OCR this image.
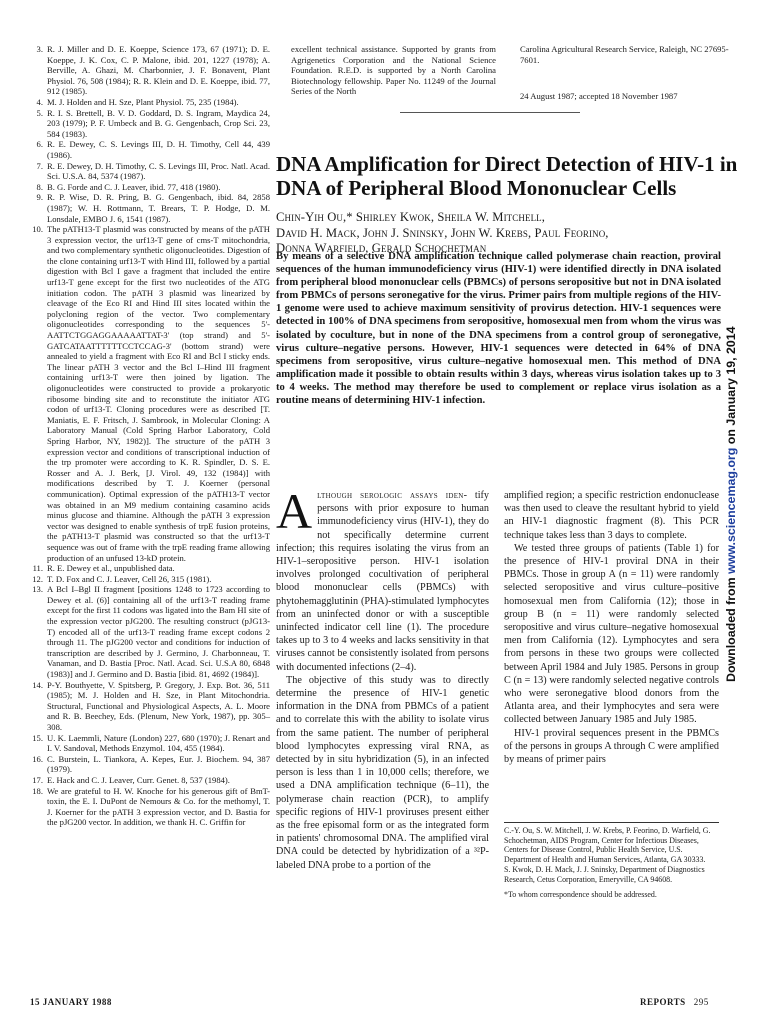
3. R. J. Miller and D. E. Koeppe, Science 173, 67 (1971); D. E. Koeppe, J. K. Cox, C. P. Malone, ibid. 201, 1227 (1978); A. Berville, A. Ghazi, M. Charbonnier, J. F. Bonavent, Plant Physiol. 76, 508 (1984); R. R. Klein and D. E. Koeppe, ibid. 77, 912 (1985).
4. M. J. Holden and H. Sze, Plant Physiol. 75, 235 (1984).
5. R. I. S. Brettell, B. V. D. Goddard, D. S. Ingram, Maydica 24, 203 (1979); P. F. Umbeck and B. G. Gengenbach, Crop Sci. 23, 584 (1983).
6. R. E. Dewey, C. S. Levings III, D. H. Timothy, Cell 44, 439 (1986).
7. R. E. Dewey, D. H. Timothy, C. S. Levings III, Proc. Natl. Acad. Sci. U.S.A. 84, 5374 (1987).
8. B. G. Forde and C. J. Leaver, ibid. 77, 418 (1980).
9. R. P. Wise, D. R. Pring, B. G. Gengenbach, ibid. 84, 2858 (1987); W. H. Rottmann, T. Brears, T. P. Hodge, D. M. Lonsdale, EMBO J. 6, 1541 (1987).
10. The pATH13-T plasmid was constructed by means of the pATH 3 expression vector, the urf13-T gene of cms-T mitochondria, and two complementary synthetic oligonucleotides. Digestion of the clone containing urf13-T with Hind III, followed by a partial digestion with Bcl I gave a fragment that included the entire urf13-T gene except for the first two nucleotides of the ATG initiation codon. The pATH 3 plasmid was linearized by cleavage of the Eco RI and Hind III sites located within the polycloning region of the vector. Two complementary oligonucleotides corresponding to the sequences 5'-AATTCTGGAGGAAAAATTAT-3' (top strand) and 5'-GATCATAATTTTTTCCTCCAG-3' (bottom strand) were annealed to yield a fragment with Eco RI and Bcl I sticky ends. The linear pATH 3 vector and the Bcl I–Hind III fragment containing urf13-T were then joined by ligation. The oligonucleotides were constructed to provide a prokaryotic ribosome binding site and to reconstitute the initiator ATG codon of urf13-T. Cloning procedures were as described [T. Maniatis, E. F. Fritsch, J. Sambrook, in Molecular Cloning: A Laboratory Manual (Cold Spring Harbor Laboratory, Cold Spring Harbor, NY, 1982)]. The structure of the pATH 3 expression vector and conditions of transcriptional induction of the trp promoter were according to K. R. Spindler, D. S. E. Rosser and A. J. Berk, [J. Virol. 49, 132 (1984)] with modifications described by T. J. Koerner (personal communication). Optimal expression of the pATH13-T vector was obtained in an M9 medium containing casamino acids minus glucose and thiamine. Although the pATH 3 expression vector was designed to enable synthesis of trpE fusion proteins, the pATH13-T plasmid was constructed so that the urf13-T sequence was out of frame with the trpE reading frame allowing production of an unfused 13-kD protein.
11. R. E. Dewey et al., unpublished data.
12. T. D. Fox and C. J. Leaver, Cell 26, 315 (1981).
13. A Bcl I–Bgl II fragment [positions 1248 to 1723 according to Dewey et al. (6)] containing all of the urf13-T reading frame except for the first 11 codons was ligated into the Bam HI site of the expression vector pJG200. The resulting construct (pJG13-T) encoded all of the urf13-T reading frame except codons 2 through 11. The pJG200 vector and conditions for induction of transcription are described by J. Germino, J. Charbonneau, T. Vanaman, and D. Bastia [Proc. Natl. Acad. Sci. U.S.A 80, 6848 (1983)] and J. Germino and D. Bastia [ibid. 81, 4692 (1984)].
14. P-Y. Bouthyette, V. Spitsberg, P. Gregory, J. Exp. Bot. 36, 511 (1985); M. J. Holden and H. Sze, in Plant Mitochondria. Structural, Functional and Physiological Aspects, A. L. Moore and R. B. Beechey, Eds. (Plenum, New York, 1987), pp. 305–308.
15. U. K. Laemmli, Nature (London) 227, 680 (1970); J. Renart and I. V. Sandoval, Methods Enzymol. 104, 455 (1984).
16. C. Burstein, L. Tiankora, A. Kepes, Eur. J. Biochem. 94, 387 (1979).
17. E. Hack and C. J. Leaver, Curr. Genet. 8, 537 (1984).
18. We are grateful to H. W. Knoche for his generous gift of BmT-toxin, the E. I. DuPont de Nemours & Co. for the methomyl, T. J. Koerner for the pATH 3 expression vector, and D. Bastia for the pJG200 vector. In addition, we thank H. C. Griffin for
excellent technical assistance. Supported by grants from Agrigenetics Corporation and the National Science Foundation. R.E.D. is supported by a North Carolina Biotechnology fellowship. Paper No. 11249 of the Journal Series of the North
Carolina Agricultural Research Service, Raleigh, NC 27695-7601.
24 August 1987; accepted 18 November 1987
DNA Amplification for Direct Detection of HIV-1 in DNA of Peripheral Blood Mononuclear Cells
Chin-Yih Ou,* Shirley Kwok, Sheila W. Mitchell,
David H. Mack, John J. Sninsky, John W. Krebs, Paul Feorino,
Donna Warfield, Gerald Schochetman
By means of a selective DNA amplification technique called polymerase chain reaction, proviral sequences of the human immunodeficiency virus (HIV-1) were identified directly in DNA isolated from peripheral blood mononuclear cells (PBMCs) of persons seropositive but not in DNA isolated from PBMCs of persons seronegative for the virus. Primer pairs from multiple regions of the HIV-1 genome were used to achieve maximum sensitivity of provirus detection. HIV-1 sequences were detected in 100% of DNA specimens from seropositive, homosexual men from whom the virus was isolated by coculture, but in none of the DNA specimens from a control group of seronegative, virus culture–negative persons. However, HIV-1 sequences were detected in 64% of DNA specimens from seropositive, virus culture–negative homosexual men. This method of DNA amplification made it possible to obtain results within 3 days, whereas virus isolation takes up to 3 to 4 weeks. The method may therefore be used to complement or replace virus isolation as a routine means of determining HIV-1 infection.

Although serologic assays iden- tify persons with prior exposure to human immunodeficiency virus (HIV-1), they do not specifically determine current infection; this requires isolating the virus from an HIV-1–seropositive person. HIV-1 isolation involves prolonged cocultivation of peripheral blood mononuclear cells (PBMCs) with phytohemagglutinin (PHA)-stimulated lymphocytes from an uninfected donor or with a susceptible uninfected indicator cell line (1). The procedure takes up to 3 to 4 weeks and lacks sensitivity in that viruses cannot be consistently isolated from persons with documented infections (2–4).

The objective of this study was to directly determine the presence of HIV-1 genetic information in the DNA from PBMCs of a patient and to correlate this with the ability to isolate virus from the same patient. The number of peripheral blood lymphocytes expressing viral RNA, as detected by in situ hybridization (5), in an infected person is less than 1 in 10,000 cells; therefore, we used a DNA amplification technique (6–11), the polymerase chain reaction (PCR), to amplify specific regions of HIV-1 proviruses present either as the free episomal form or as the integrated form in patients' chromosomal DNA. The amplified viral DNA could be detected by hybridization of a ³²P-labeled DNA probe to a portion of the

amplified region; a specific restriction endonuclease was then used to cleave the resultant hybrid to yield an HIV-1 diagnostic fragment (8). This PCR technique takes less than 3 days to complete.

We tested three groups of patients (Table 1) for the presence of HIV-1 proviral DNA in their PBMCs. Those in group A (n = 11) were randomly selected seropositive and virus culture–positive homosexual men from California (12); those in group B (n = 11) were randomly selected seropositive and virus culture–negative homosexual men from California (12). Lymphocytes and sera from persons in these two groups were collected between April 1984 and July 1985. Persons in group C (n = 13) were randomly selected negative controls who were seronegative blood donors from the Atlanta area, and their lymphocytes and sera were collected between January 1985 and July 1985.

HIV-1 proviral sequences present in the PBMCs of the persons in groups A through C were amplified by means of primer pairs

C.-Y. Ou, S. W. Mitchell, J. W. Krebs, P. Feorino, D. Warfield, G. Schochetman, AIDS Program, Center for Infectious Diseases, Centers for Disease Control, Public Health Service, U.S. Department of Health and Human Services, Atlanta, GA 30333.

S. Kwok, D. H. Mack, J. J. Sninsky, Department of Diagnostics Research, Cetus Corporation, Emeryville, CA 94608.

*To whom correspondence should be addressed.

15 JANUARY 1988	REPORTS 295
Downloaded from www.sciencemag.org on January 19, 2014
